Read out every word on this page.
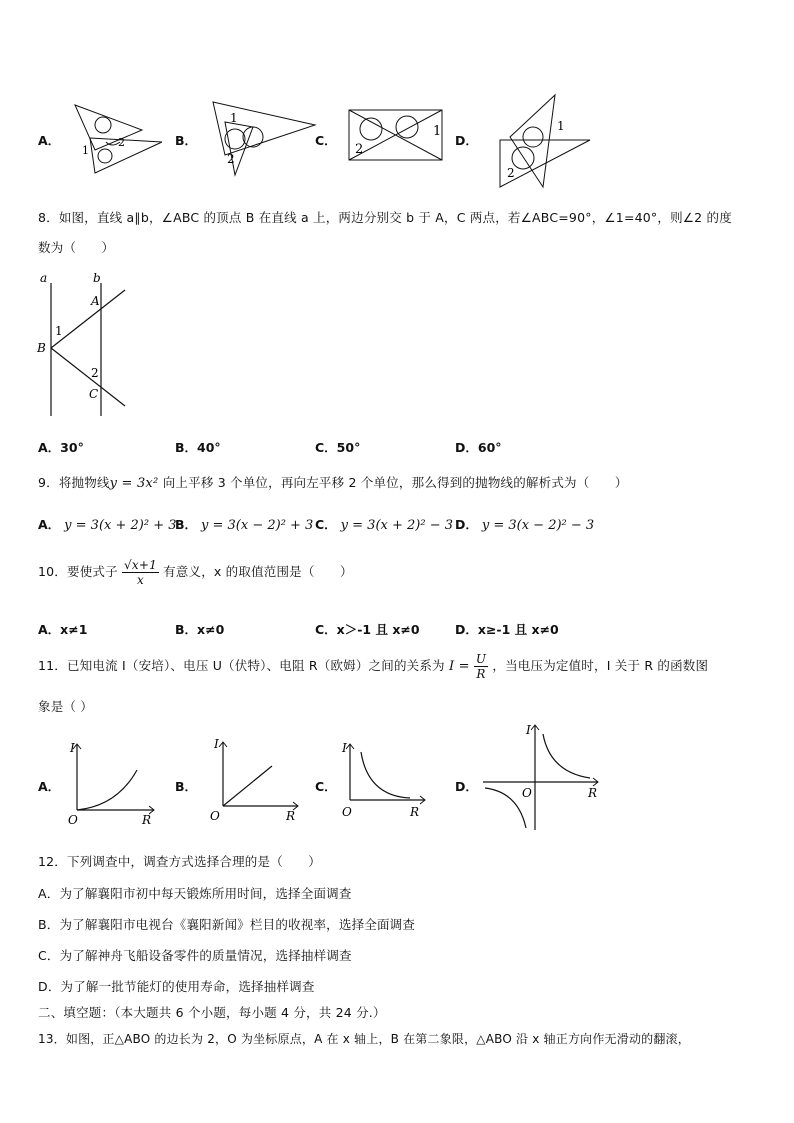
A．
1
2	B．
1
2
C．
1
2
D．
1
2
8．如图，直线 a∥b，∠ABC 的顶点 B 在直线 a 上，两边分别交 b 于 A，C 两点，若∠ABC=90°，∠1=40°，则∠2 的度
数为（　　）
a	b
A
B
C
1
2
A．30°	B．40°	C．50°	D．60°
9．将抛物线y = 3x² 向上平移 3 个单位，再向左平移 2 个单位，那么得到的抛物线的解析式为（　　）
A． y = 3(x + 2)² + 3
B． y = 3(x − 2)² + 3 C． y = 3(x + 2)² − 3 D． y = 3(x − 2)² − 3
10．要使式子 $\frac{√x+1}{x}$ 有意义，x 的取值范围是（　　）
A．x≠1	B．x≠0	C．x＞-1 且 x≠0	D．x≥-1 且 x≠0
11．已知电流 I（安培）、电压 U（伏特）、电阻 R（欧姆）之间的关系为 $I = \frac{U}{R}$ ，当电压为定值时，I 关于 R 的函数图
象是（ ）
A．
I
O	R
B．
I
O	R
C．
I
O	R
D．
I
O	R
12．下列调查中，调查方式选择合理的是（　　）
A．为了解襄阳市初中每天锻炼所用时间，选择全面调查
B．为了解襄阳市电视台《襄阳新闻》栏目的收视率，选择全面调查
C．为了解神舟飞船设备零件的质量情况，选择抽样调查
D．为了解一批节能灯的使用寿命，选择抽样调查
二、填空题：（本大题共 6 个小题，每小题 4 分，共 24 分.）
13．如图，正△ABO 的边长为 2，O 为坐标原点，A 在 x 轴上，B 在第二象限，△ABO 沿 x 轴正方向作无滑动的翻滚，
